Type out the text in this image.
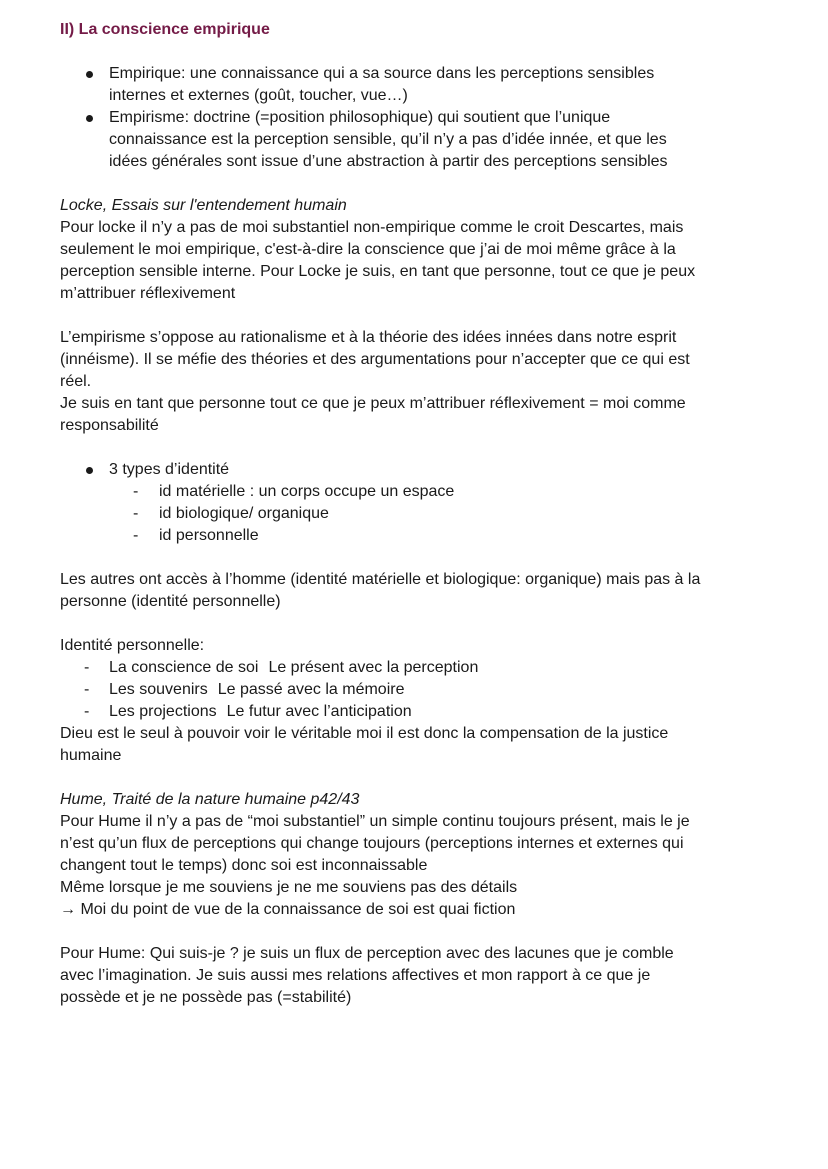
II) La conscience empirique
Empirique: une connaissance qui a sa source dans les perceptions sensibles
internes et externes (goût, toucher, vue…)
Empirisme: doctrine (=position philosophique) qui soutient que l’unique
connaissance est la perception sensible, qu’il n’y a pas d’idée innée, et que les
idées générales sont issue d’une abstraction à partir des perceptions sensibles
Locke, Essais sur l'entendement humain
Pour locke il n’y a pas de moi substantiel non-empirique comme le croit Descartes, mais
seulement le moi empirique, c'est-à-dire la conscience que j’ai de moi même grâce à la
perception sensible interne. Pour Locke je suis, en tant que personne, tout ce que je peux
m’attribuer réflexivement
L’empirisme s’oppose au rationalisme et à la théorie des idées innées dans notre esprit
(innéisme). Il se méfie des théories et des argumentations pour n’accepter que ce qui est
réel.
Je suis en tant que personne tout ce que je peux m’attribuer réflexivement = moi comme
responsabilité
3 types d’identité
- id matérielle : un corps occupe un espace
- id biologique/ organique
- id personnelle
Les autres ont accès à l’homme (identité matérielle et biologique: organique) mais pas à la
personne (identité personnelle)
Identité personnelle:
- La conscience de soi Le présent avec la perception
- Les souvenirs Le passé avec la mémoire
- Les projections Le futur avec l’anticipation
Dieu est le seul à pouvoir voir le véritable moi il est donc la compensation de la justice
humaine
Hume, Traité de la nature humaine p42/43
Pour Hume il n’y a pas de “moi substantiel” un simple continu toujours présent, mais le je
n’est qu’un flux de perceptions qui change toujours (perceptions internes et externes qui
changent tout le temps) donc soi est inconnaissable
Même lorsque je me souviens je ne me souviens pas des détails
→ Moi du point de vue de la connaissance de soi est quai fiction
Pour Hume: Qui suis-je ? je suis un flux de perception avec des lacunes que je comble
avec l’imagination. Je suis aussi mes relations affectives et mon rapport à ce que je
possède et je ne possède pas (=stabilité)
